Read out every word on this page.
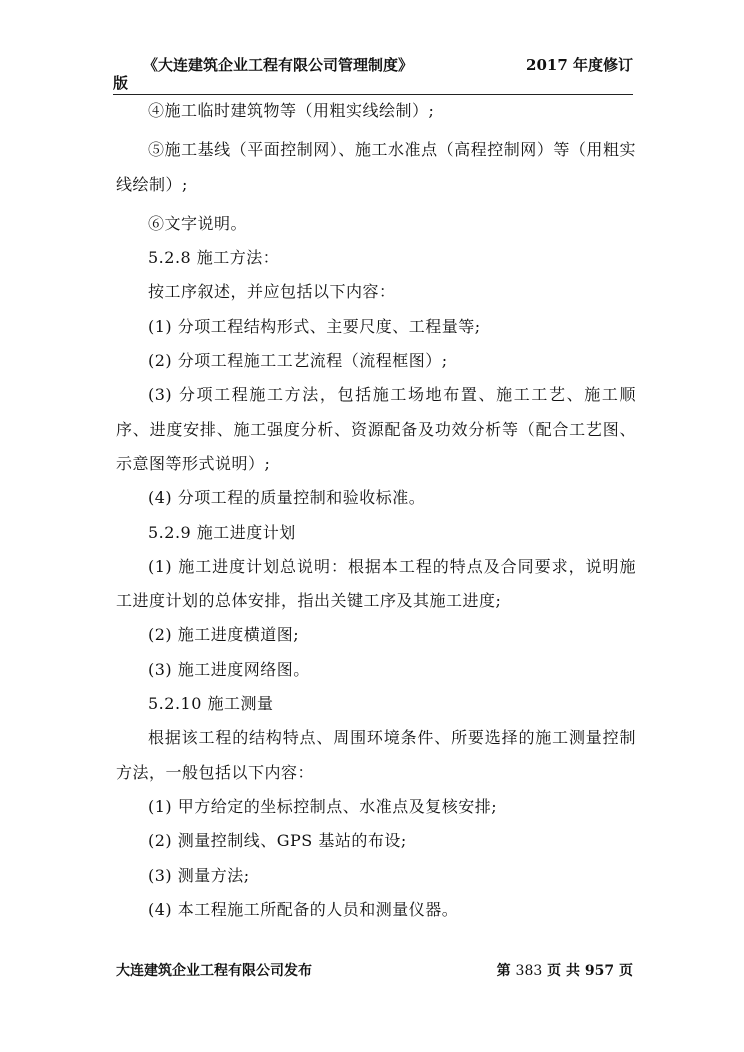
《大连建筑企业工程有限公司管理制度》	2017 年度修订
版

④施工临时建筑物等（用粗实线绘制）;

⑤施工基线（平面控制网）、施工水准点（高程控制网）等（用粗实线绘制）;

⑥文字说明。

5.2.8 施工方法：

按工序叙述，并应包括以下内容：

(1) 分项工程结构形式、主要尺度、工程量等;

(2) 分项工程施工工艺流程（流程框图）;

(3) 分项工程施工方法，包括施工场地布置、施工工艺、施工顺序、进度安排、施工强度分析、资源配备及功效分析等（配合工艺图、示意图等形式说明）;

(4) 分项工程的质量控制和验收标准。

5.2.9 施工进度计划

(1) 施工进度计划总说明：根据本工程的特点及合同要求，说明施工进度计划的总体安排，指出关键工序及其施工进度;

(2) 施工进度横道图;

(3) 施工进度网络图。

5.2.10 施工测量

根据该工程的结构特点、周围环境条件、所要选择的施工测量控制方法，一般包括以下内容：

(1) 甲方给定的坐标控制点、水准点及复核安排;

(2) 测量控制线、GPS 基站的布设;

(3) 测量方法;

(4) 本工程施工所配备的人员和测量仪器。

大连建筑企业工程有限公司发布	第 383 页 共 957 页
